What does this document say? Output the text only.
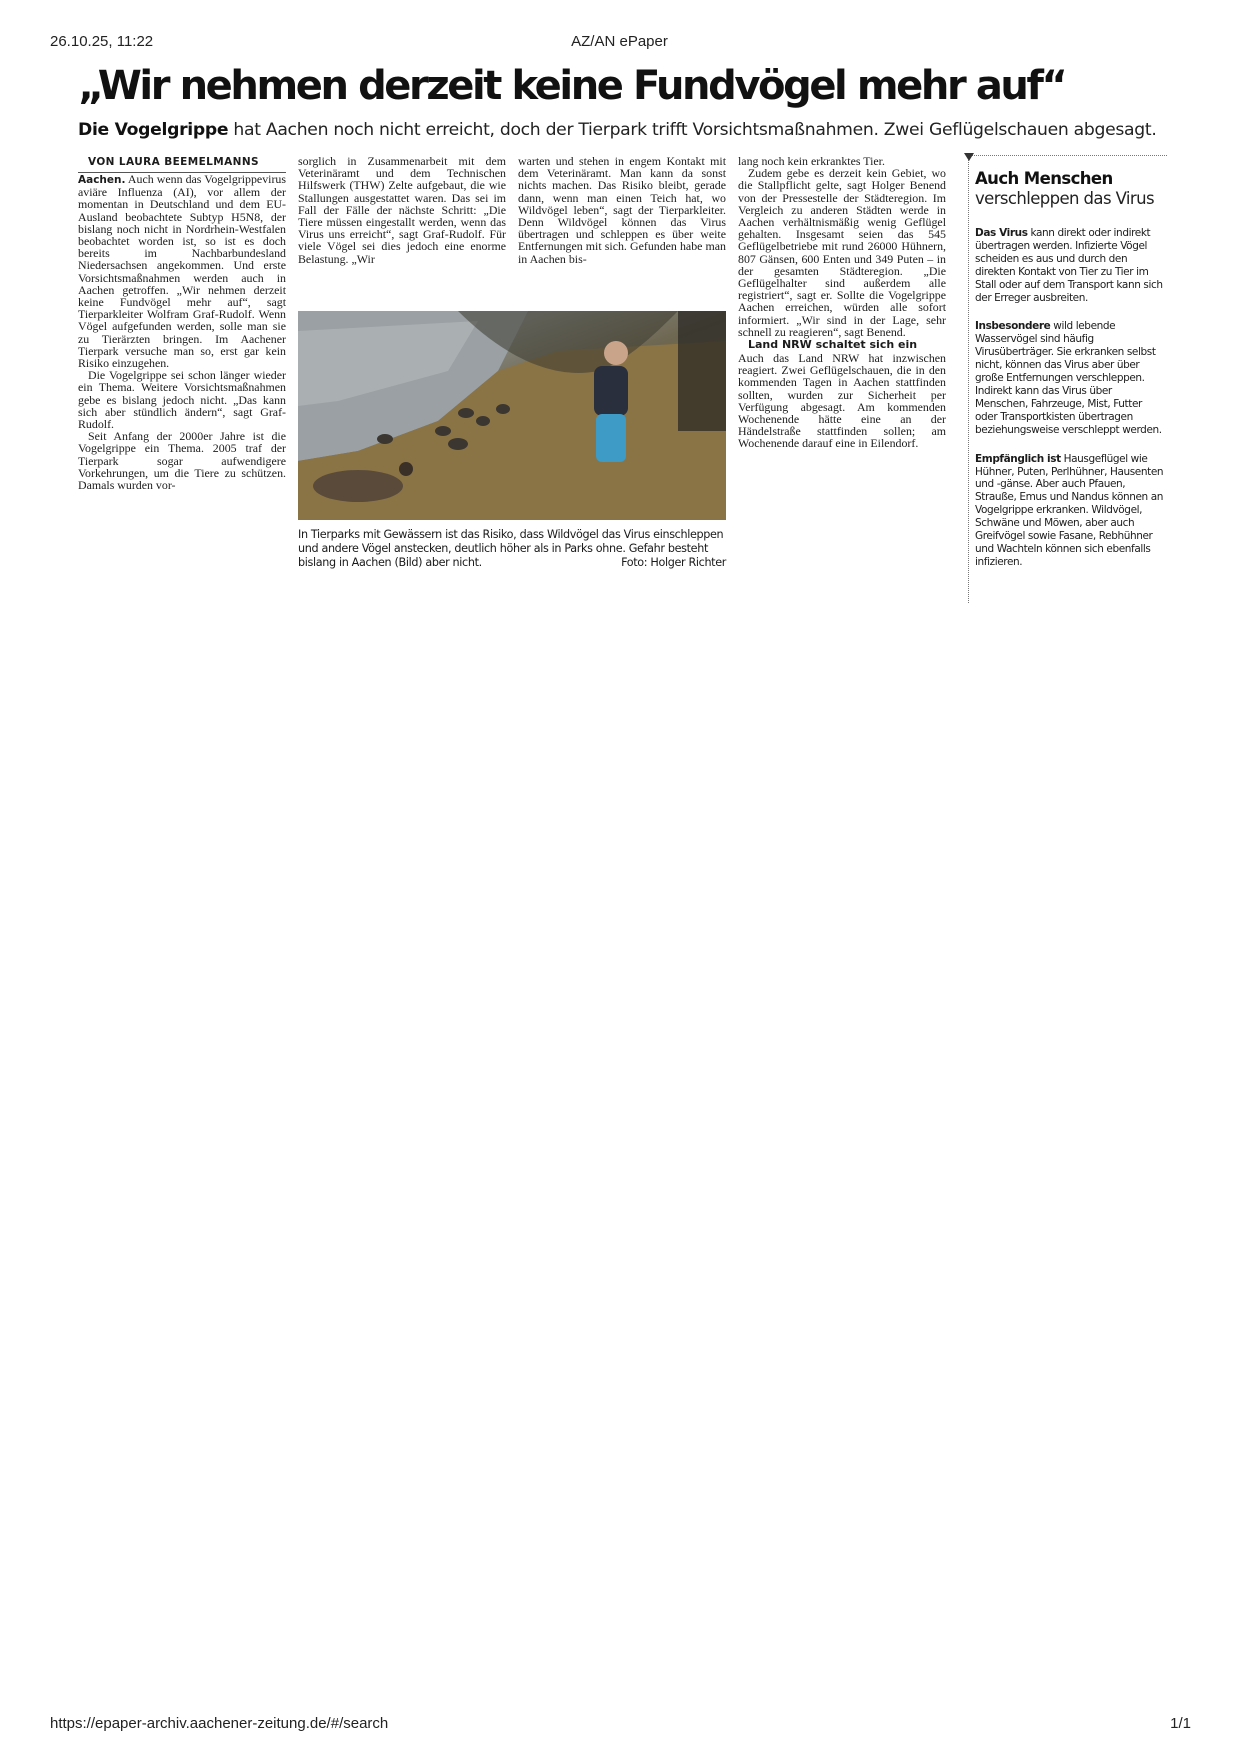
26.10.25, 11:22	AZ/AN ePaper
„Wir nehmen derzeit keine Fundvögel mehr auf“
Die Vogelgrippe hat Aachen noch nicht erreicht, doch der Tierpark trifft Vorsichtsmaßnahmen. Zwei Geflügelschauen abgesagt.

VON LAURA BEEMELMANNS

Aachen. Auch wenn das Vogelgrippevirus aviäre Influenza (AI), vor allem der momentan in Deutschland und dem EU-Ausland beobachtete Subtyp H5N8, der bislang noch nicht in Nordrhein-Westfalen beobachtet worden ist, so ist es doch bereits im Nachbarbundesland Niedersachsen angekommen. Und erste Vorsichtsmaßnahmen werden auch in Aachen getroffen. „Wir nehmen derzeit keine Fundvögel mehr auf“, sagt Tierparkleiter Wolfram Graf-Rudolf. Wenn Vögel aufgefunden werden, solle man sie zu Tierärzten bringen. Im Aachener Tierpark versuche man so, erst gar kein Risiko einzugehen.

Die Vogelgrippe sei schon länger wieder ein Thema. Weitere Vorsichtsmaßnahmen gebe es bislang jedoch nicht. „Das kann sich aber stündlich ändern“, sagt Graf-Rudolf.

Seit Anfang der 2000er Jahre ist die Vogelgrippe ein Thema. 2005 traf der Tierpark sogar aufwendigere Vorkehrungen, um die Tiere zu schützen. Damals wurden vor-

sorglich in Zusammenarbeit mit dem Veterinäramt und dem Technischen Hilfswerk (THW) Zelte aufgebaut, die wie Stallungen ausgestattet waren. Das sei im Fall der Fälle der nächste Schritt: „Die Tiere müssen eingestallt werden, wenn das Virus uns erreicht“, sagt Graf-Rudolf. Für viele Vögel sei dies jedoch eine enorme Belastung. „Wir

warten und stehen in engem Kontakt mit dem Veterinäramt. Man kann da sonst nichts machen. Das Risiko bleibt, gerade dann, wenn man einen Teich hat, wo Wildvögel leben“, sagt der Tierparkleiter. Denn Wildvögel können das Virus übertragen und schleppen es über weite Entfernungen mit sich. Gefunden habe man in Aachen bis-

lang noch kein erkranktes Tier.

Zudem gebe es derzeit kein Gebiet, wo die Stallpflicht gelte, sagt Holger Benend von der Pressestelle der Städteregion. Im Vergleich zu anderen Städten werde in Aachen verhältnismäßig wenig Geflügel gehalten. Insgesamt seien das 545 Geflügelbetriebe mit rund 26000 Hühnern, 807 Gänsen, 600 Enten und 349 Puten – in der gesamten Städteregion. „Die Geflügelhalter sind außerdem alle registriert“, sagt er. Sollte die Vogelgrippe Aachen erreichen, würden alle sofort informiert. „Wir sind in der Lage, sehr schnell zu reagieren“, sagt Benend.

Land NRW schaltet sich ein

Auch das Land NRW hat inzwischen reagiert. Zwei Geflügelschauen, die in den kommenden Tagen in Aachen stattfinden sollten, wurden zur Sicherheit per Verfügung abgesagt. Am kommenden Wochenende hätte eine an der Händelstraße stattfinden sollen; am Wochenende darauf eine in Eilendorf.

In Tierparks mit Gewässern ist das Risiko, dass Wildvögel das Virus einschleppen und andere Vögel anstecken, deutlich höher als in Parks ohne. Gefahr besteht bislang in Aachen (Bild) aber nicht.	Foto: Holger Richter
Auch Menschen
verschleppen das Virus

Das Virus kann direkt oder indirekt übertragen werden. Infizierte Vögel scheiden es aus und durch den direkten Kontakt von Tier zu Tier im Stall oder auf dem Transport kann sich der Erreger ausbreiten.

Insbesondere wild lebende Wasservögel sind häufig Virusüberträger. Sie erkranken selbst nicht, können das Virus aber über große Entfernungen verschleppen. Indirekt kann das Virus über Menschen, Fahrzeuge, Mist, Futter oder Transportkisten übertragen beziehungsweise verschleppt werden.

Empfänglich ist Hausgeflügel wie Hühner, Puten, Perlhühner, Hausenten und -gänse. Aber auch Pfauen, Strauße, Emus und Nandus können an Vogelgrippe erkranken. Wildvögel, Schwäne und Möwen, aber auch Greifvögel sowie Fasane, Rebhühner und Wachteln können sich ebenfalls infizieren.

https://epaper-archiv.aachener-zeitung.de/#/search	1/1
